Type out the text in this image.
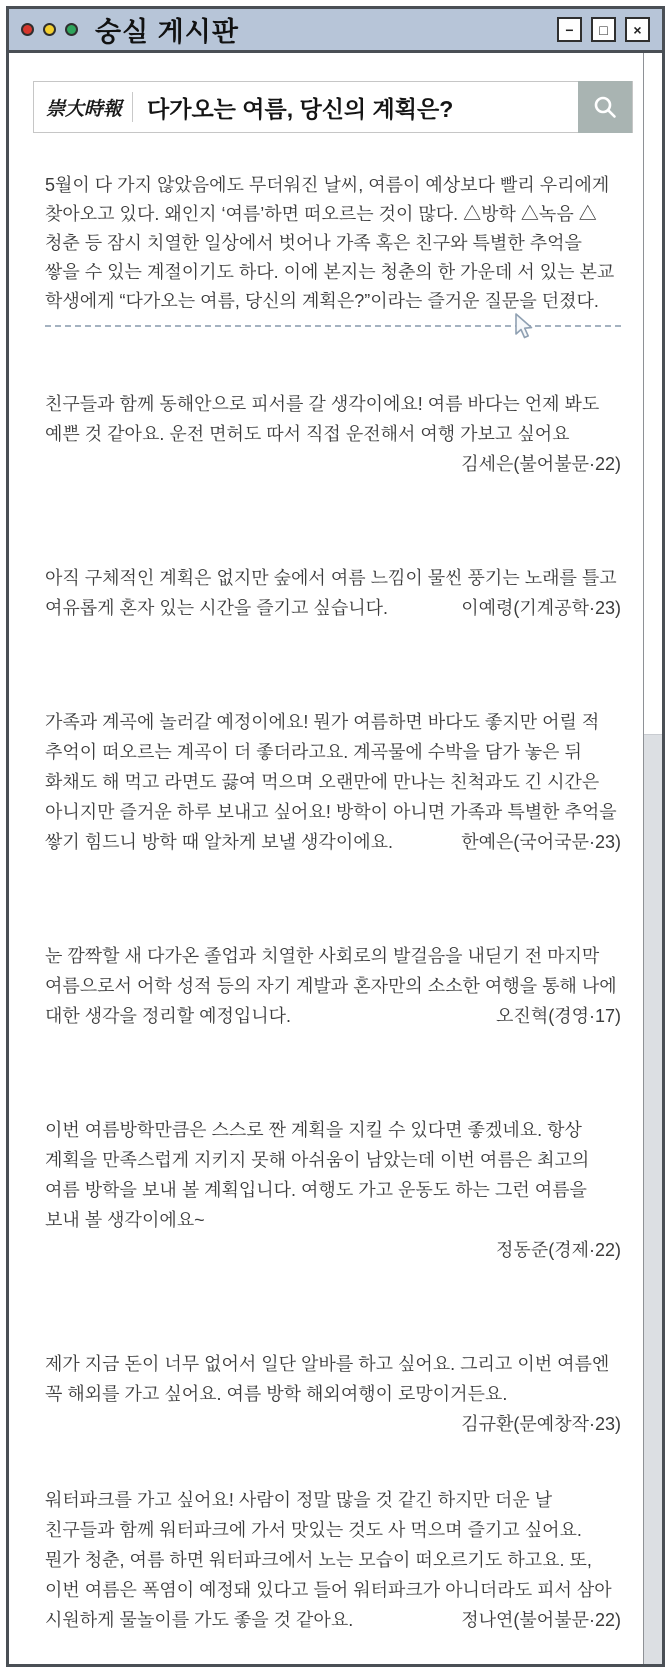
숭실 게시판	−	□	×
崇大時報	다가오는 여름, 당신의 계획은?

5월이 다 가지 않았음에도 무더워진 날씨, 여름이 예상보다 빨리 우리에게 찾아오고 있다. 왜인지 ‘여름’하면 떠오르는 것이 많다. △방학 △녹음 △청춘 등 잠시 치열한 일상에서 벗어나 가족 혹은 친구와 특별한 추억을 쌓을 수 있는 계절이기도 하다. 이에 본지는 청춘의 한 가운데 서 있는 본교 학생에게 “다가오는 여름, 당신의 계획은?”이라는 즐거운 질문을 던졌다.

친구들과 함께 동해안으로 피서를 갈 생각이에요! 여름 바다는 언제 봐도 예쁜 것 같아요. 운전 면허도 따서 직접 운전해서 여행 가보고 싶어요
김세은(불어불문·22)

아직 구체적인 계획은 없지만 숲에서 여름 느낌이 물씬 풍기는 노래를 틀고 여유롭게 혼자 있는 시간을 즐기고 싶습니다.	이예령(기계공학·23)

가족과 계곡에 놀러갈 예정이에요! 뭔가 여름하면 바다도 좋지만 어릴 적 추억이 떠오르는 계곡이 더 좋더라고요. 계곡물에 수박을 담가 놓은 뒤 화채도 해 먹고 라면도 끓여 먹으며 오랜만에 만나는 친척과도 긴 시간은 아니지만 즐거운 하루 보내고 싶어요! 방학이 아니면 가족과 특별한 추억을 쌓기 힘드니 방학 때 알차게 보낼 생각이에요.	한예은(국어국문·23)

눈 깜짝할 새 다가온 졸업과 치열한 사회로의 발걸음을 내딛기 전 마지막 여름으로서 어학 성적 등의 자기 계발과 혼자만의 소소한 여행을 통해 나에 대한 생각을 정리할 예정입니다.	오진혁(경영·17)

이번 여름방학만큼은 스스로 짠 계획을 지킬 수 있다면 좋겠네요. 항상 계획을 만족스럽게 지키지 못해 아쉬움이 남았는데 이번 여름은 최고의 여름 방학을 보내 볼 계획입니다. 여행도 가고 운동도 하는 그런 여름을 보내 볼 생각이에요~
정동준(경제·22)

제가 지금 돈이 너무 없어서 일단 알바를 하고 싶어요. 그리고 이번 여름엔 꼭 해외를 가고 싶어요. 여름 방학 해외여행이 로망이거든요.
김규환(문예창작·23)

워터파크를 가고 싶어요! 사람이 정말 많을 것 같긴 하지만 더운 날 친구들과 함께 워터파크에 가서 맛있는 것도 사 먹으며 즐기고 싶어요. 뭔가 청춘, 여름 하면 워터파크에서 노는 모습이 떠오르기도 하고요. 또, 이번 여름은 폭염이 예정돼 있다고 들어 워터파크가 아니더라도 피서 삼아 시원하게 물놀이를 가도 좋을 것 같아요.	정나연(불어불문·22)
